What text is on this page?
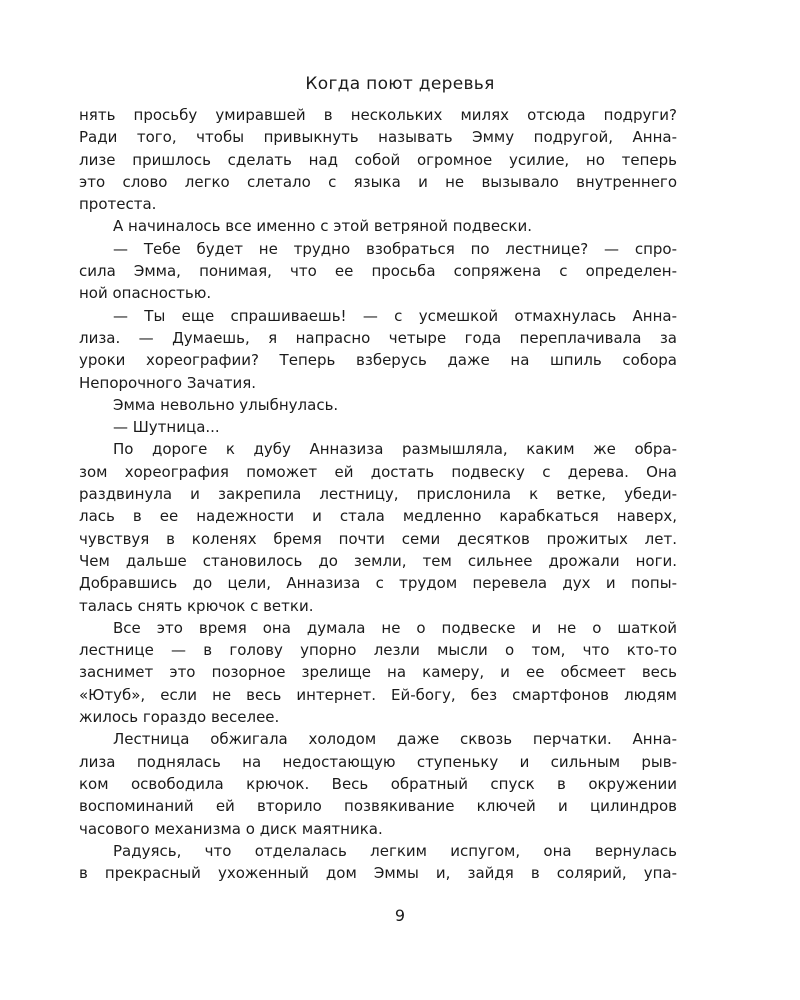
Когда поют деревья

нять просьбу умиравшей в нескольких милях отсюда подруги?
Ради того, чтобы привыкнуть называть Эмму подругой, Анна-
лизе пришлось сделать над собой огромное усилие, но теперь
это слово легко слетало с языка и не вызывало внутреннего
протеста.

А начиналось все именно с этой ветряной подвески.

— Тебе будет не трудно взобраться по лестнице? — спро-
сила Эмма, понимая, что ее просьба сопряжена с определен-
ной опасностью.

— Ты еще спрашиваешь! — с усмешкой отмахнулась Анна-
лиза. — Думаешь, я напрасно четыре года переплачивала за
уроки хореографии? Теперь взберусь даже на шпиль собора
Непорочного Зачатия.

Эмма невольно улыбнулась.

— Шутница...

По дороге к дубу Анназиза размышляла, каким же обра-
зом хореография поможет ей достать подвеску с дерева. Она
раздвинула и закрепила лестницу, прислонила к ветке, убеди-
лась в ее надежности и стала медленно карабкаться наверх,
чувствуя в коленях бремя почти семи десятков прожитых лет.
Чем дальше становилось до земли, тем сильнее дрожали ноги.
Добравшись до цели, Анназиза с трудом перевела дух и попы-
талась снять крючок с ветки.

Все это время она думала не о подвеске и не о шаткой
лестнице — в голову упорно лезли мысли о том, что кто-то
заснимет это позорное зрелище на камеру, и ее обсмеет весь
«Ютуб», если не весь интернет. Ей-богу, без смартфонов людям
жилось гораздо веселее.

Лестница обжигала холодом даже сквозь перчатки. Анна-
лиза поднялась на недостающую ступеньку и сильным рыв-
ком освободила крючок. Весь обратный спуск в окружении
воспоминаний ей вторило позвякивание ключей и цилиндров
часового механизма о диск маятника.

Радуясь, что отделалась легким испугом, она вернулась
в прекрасный ухоженный дом Эммы и, зайдя в солярий, упа-

9
